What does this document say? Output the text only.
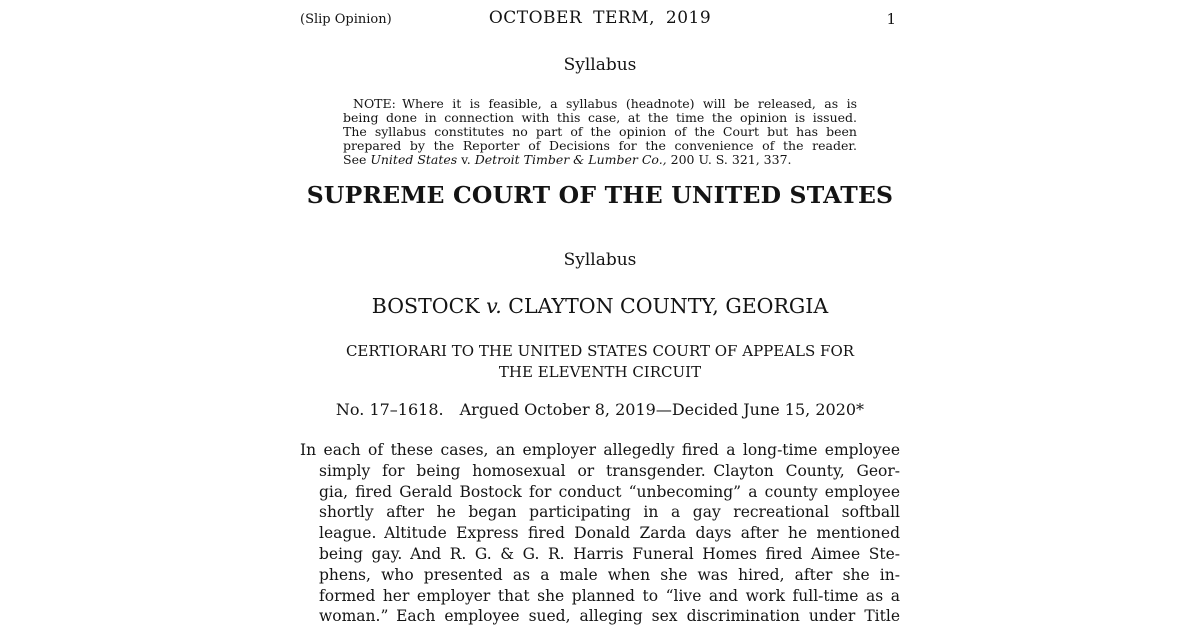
(Slip Opinion)	OCTOBER TERM, 2019	1
Syllabus
NOTE: Where it is feasible, a syllabus (headnote) will be released, as is
being done in connection with this case, at the time the opinion is issued.
The syllabus constitutes no part of the opinion of the Court but has been
prepared by the Reporter of Decisions for the convenience of the reader.
See United States v. Detroit Timber & Lumber Co., 200 U. S. 321, 337.
SUPREME COURT OF THE UNITED STATES
Syllabus
BOSTOCK v. CLAYTON COUNTY, GEORGIA
CERTIORARI TO THE UNITED STATES COURT OF APPEALS FOR
THE ELEVENTH CIRCUIT
No. 17–1618.  Argued October 8, 2019—Decided June 15, 2020*
In each of these cases, an employer allegedly fired a long-time employee
simply for being homosexual or transgender. Clayton County, Geor-
gia, fired Gerald Bostock for conduct “unbecoming” a county employee
shortly after he began participating in a gay recreational softball
league. Altitude Express fired Donald Zarda days after he mentioned
being gay. And R. G. & G. R. Harris Funeral Homes fired Aimee Ste-
phens, who presented as a male when she was hired, after she in-
formed her employer that she planned to “live and work full-time as a
woman.” Each employee sued, alleging sex discrimination under Title
